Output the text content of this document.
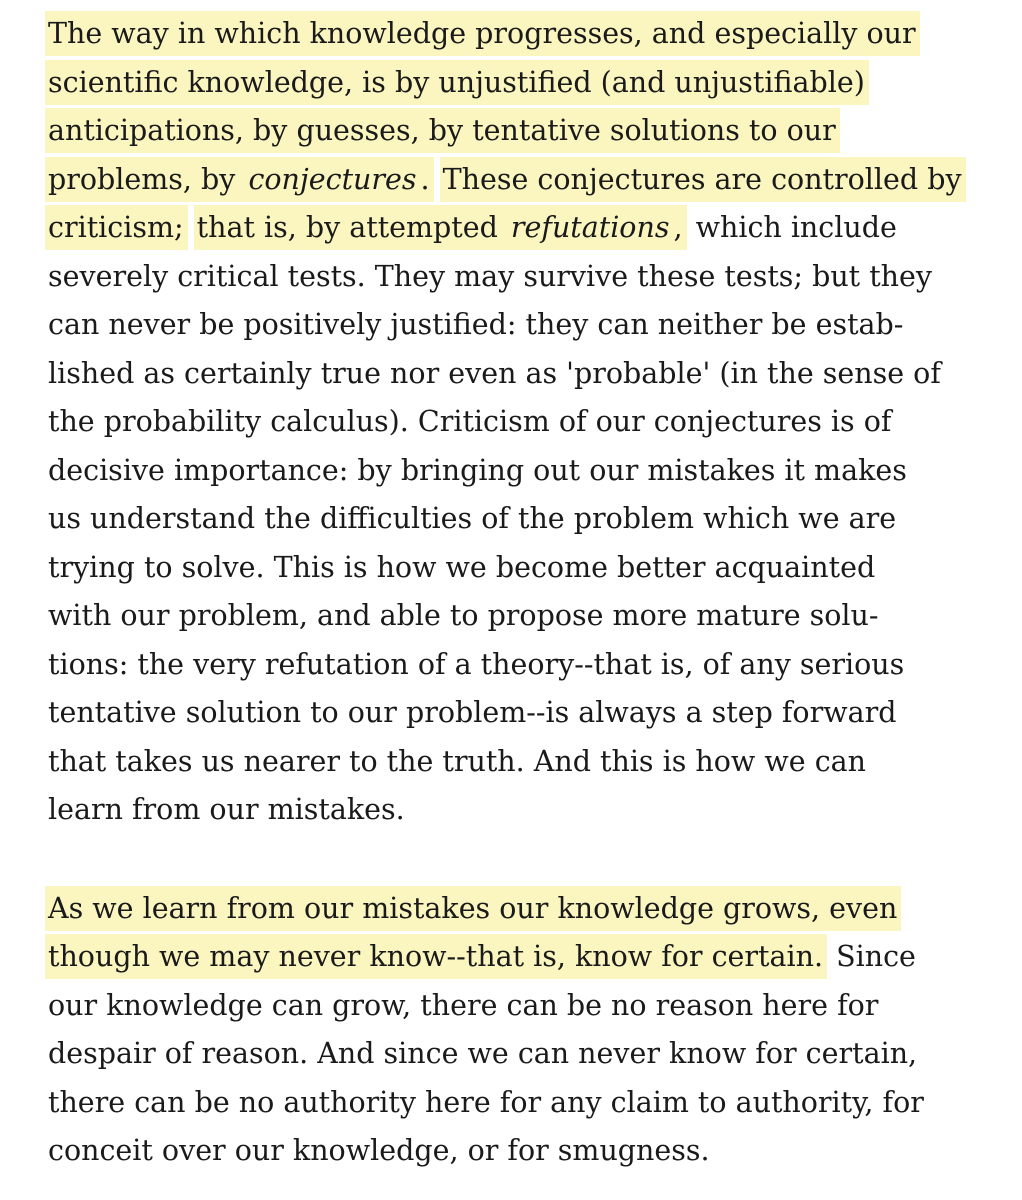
The way in which knowledge progresses, and especially our
scientific knowledge, is by unjustified (and unjustifiable)
anticipations, by guesses, by tentative solutions to our
problems, by conjectures . These conjectures are controlled by
criticism; that is, by attempted refutations , which include
severely critical tests. They may survive these tests; but they
can never be positively justified: they can neither be estab-
lished as certainly true nor even as 'probable' (in the sense of
the probability calculus). Criticism of our conjectures is of
decisive importance: by bringing out our mistakes it makes
us understand the difficulties of the problem which we are
trying to solve. This is how we become better acquainted
with our problem, and able to propose more mature solu-
tions: the very refutation of a theory--that is, of any serious
tentative solution to our problem--is always a step forward
that takes us nearer to the truth. And this is how we can
learn from our mistakes.
As we learn from our mistakes our knowledge grows, even
though we may never know--that is, know for certain. Since
our knowledge can grow, there can be no reason here for
despair of reason. And since we can never know for certain,
there can be no authority here for any claim to authority, for
conceit over our knowledge, or for smugness.
